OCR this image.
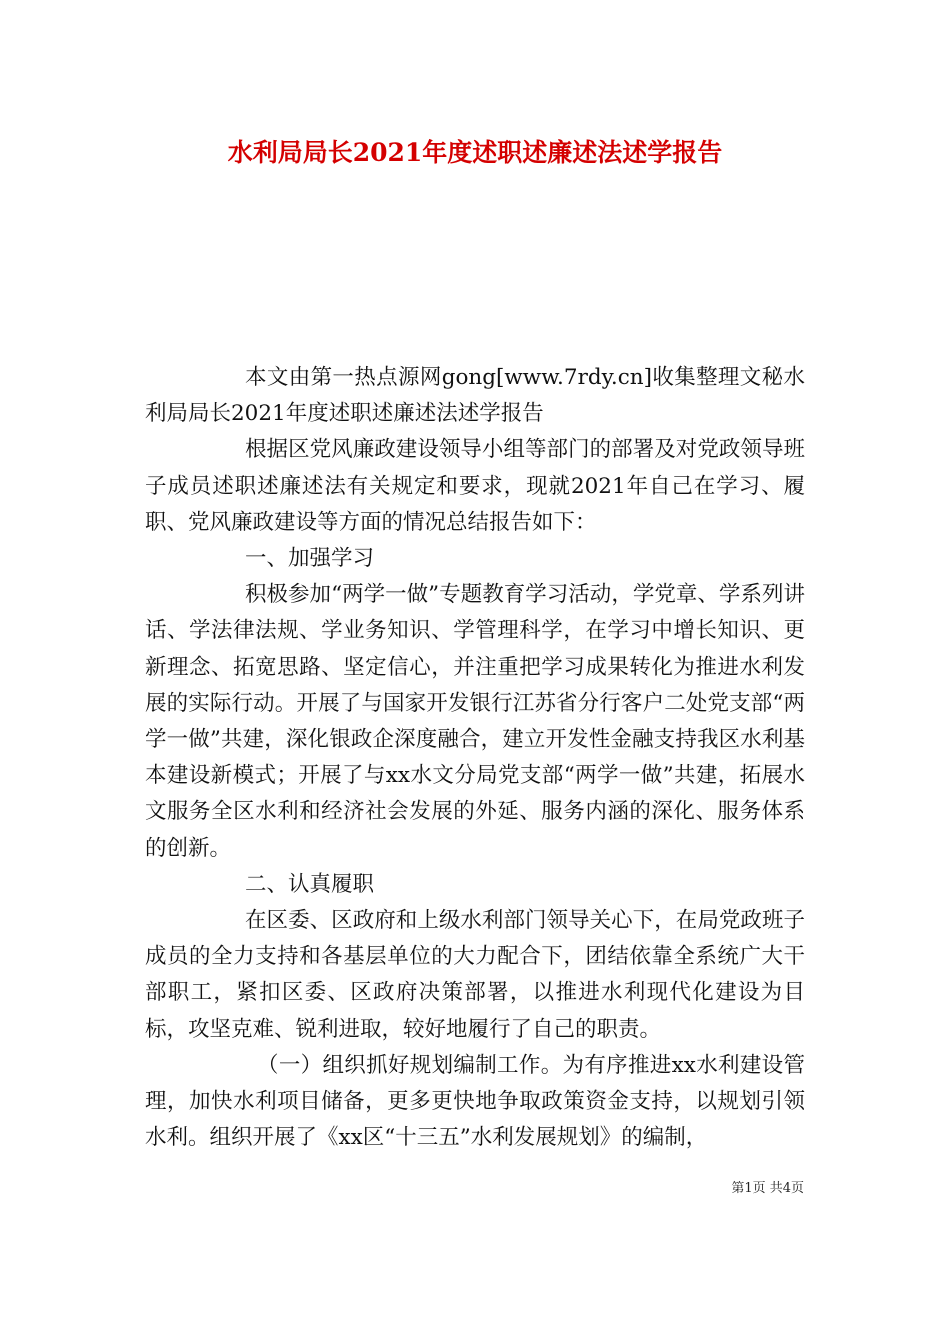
水利局局长2021年度述职述廉述法述学报告

本文由第一热点源网gong[www.7rdy.cn]收集整理文秘水利局局长2021年度述职述廉述法述学报告

根据区党风廉政建设领导小组等部门的部署及对党政领导班子成员述职述廉述法有关规定和要求，现就2021年自己在学习、履职、党风廉政建设等方面的情况总结报告如下：

一、加强学习

积极参加“两学一做”专题教育学习活动，学党章、学系列讲话、学法律法规、学业务知识、学管理科学，在学习中增长知识、更新理念、拓宽思路、坚定信心，并注重把学习成果转化为推进水利发展的实际行动。开展了与国家开发银行江苏省分行客户二处党支部“两学一做”共建，深化银政企深度融合，建立开发性金融支持我区水利基本建设新模式；开展了与xx水文分局党支部“两学一做”共建，拓展水文服务全区水利和经济社会发展的外延、服务内涵的深化、服务体系的创新。

二、认真履职

在区委、区政府和上级水利部门领导关心下，在局党政班子成员的全力支持和各基层单位的大力配合下，团结依靠全系统广大干部职工，紧扣区委、区政府决策部署，以推进水利现代化建设为目标，攻坚克难、锐利进取，较好地履行了自己的职责。

（一）组织抓好规划编制工作。为有序推进xx水利建设管理，加快水利项目储备，更多更快地争取政策资金支持，以规划引领水利。组织开展了《xx区“十三五”水利发展规划》的编制，

第1页 共4页
